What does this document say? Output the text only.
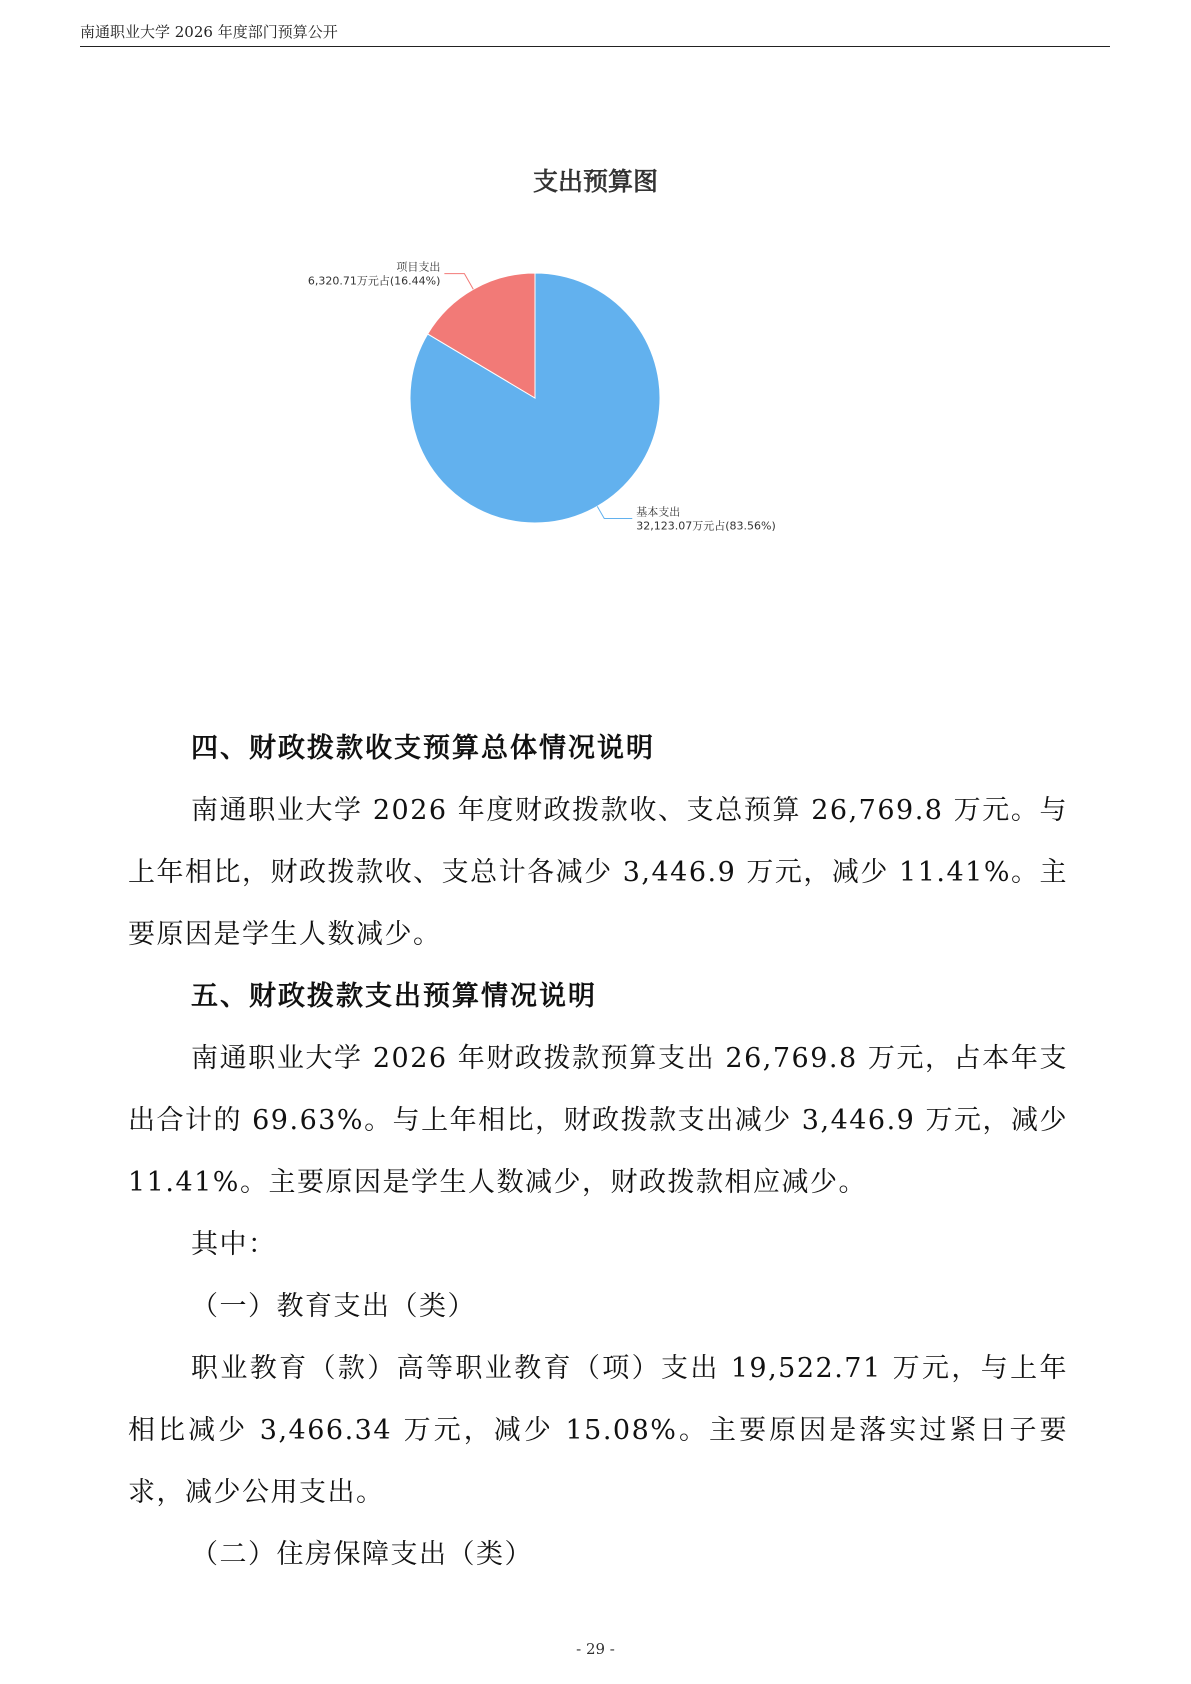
南通职业大学 2026 年度部门预算公开
支出预算图
基本支出
32,123.07万元占(83.56%)
项目支出
6,320.71万元占(16.44%)
四、财政拨款收支预算总体情况说明

南通职业大学 2026 年度财政拨款收、支总预算 26,769.8 万元。与上年相比，财政拨款收、支总计各减少 3,446.9 万元，减少 11.41%。主要原因是学生人数减少。

五、财政拨款支出预算情况说明

南通职业大学 2026 年财政拨款预算支出 26,769.8 万元，占本年支出合计的 69.63%。与上年相比，财政拨款支出减少 3,446.9 万元，减少 11.41%。主要原因是学生人数减少，财政拨款相应减少。

其中：

（一）教育支出（类）

职业教育（款）高等职业教育（项）支出 19,522.71 万元，与上年相比减少 3,466.34 万元，减少 15.08%。主要原因是落实过紧日子要求，减少公用支出。

（二）住房保障支出（类）

- 29 -
